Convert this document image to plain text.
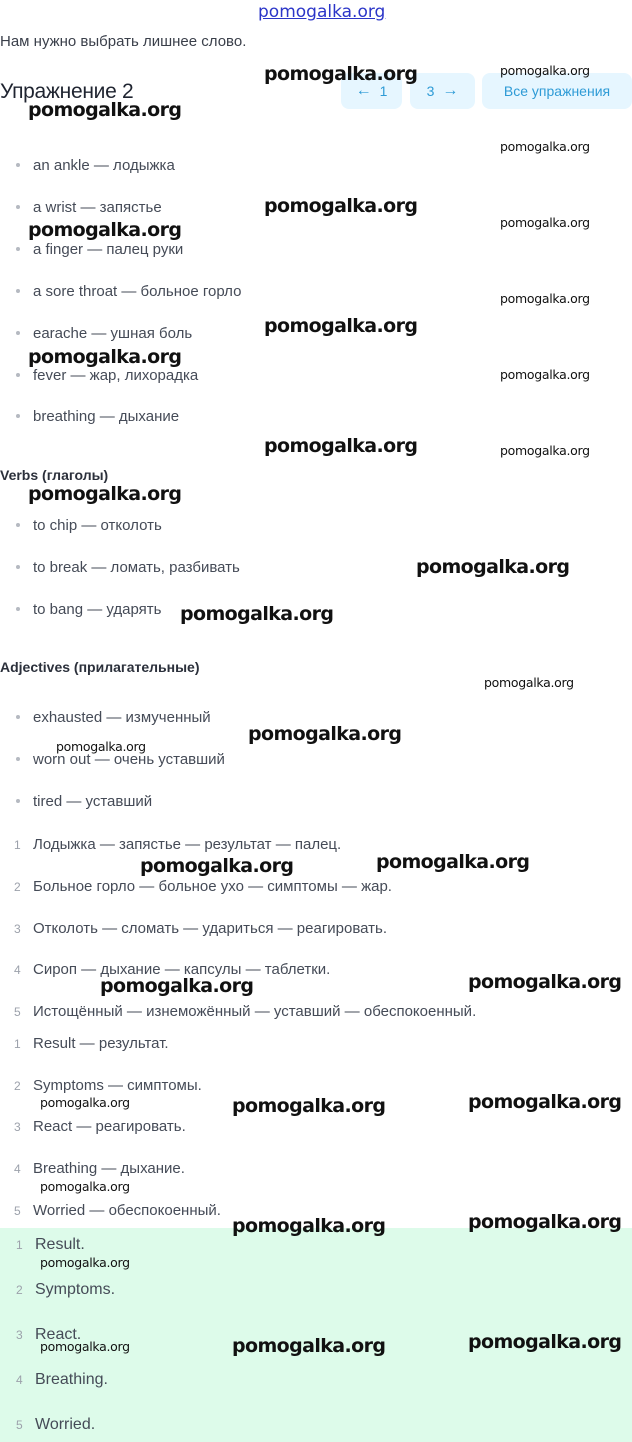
pomogalka.org
Нам нужно выбрать лишнее слово.
Упражнение 2	← 1	3 →	Все упражнения
an ankle — лодыжка
a wrist — запястье
a finger — палец руки
a sore throat — больное горло
earache — ушная боль
fever — жар, лихорадка
breathing — дыхание
Verbs (глаголы)
to chip — отколоть
to break — ломать, разбивать
to bang — ударять
Adjectives (прилагательные)
exhausted — измученный
worn out — очень уставший
tired — уставший
1 Лодыжка — запястье — результат — палец.
2 Больное горло — больное ухо — симптомы — жар.
3 Отколоть — сломать — удариться — реагировать.
4 Сироп — дыхание — капсулы — таблетки.
5 Истощённый — изнеможённый — уставший — обеспокоенный.
1 Result — результат.
2 Symptoms — симптомы.
3 React — реагировать.
4 Breathing — дыхание.
5 Worried — обеспокоенный.
1 Result.
2 Symptoms.
3 React.
4 Breathing.
5 Worried.
pomogalka.org	pomogalka.org
pomogalka.org
pomogalka.org
pomogalka.org
pomogalka.org
pomogalka.org
pomogalka.org
pomogalka.org
pomogalka.org
pomogalka.org
pomogalka.org	pomogalka.org
pomogalka.org
pomogalka.org
pomogalka.org
pomogalka.org
pomogalka.org
pomogalka.org
pomogalka.org
pomogalka.org
pomogalka.org
pomogalka.org
pomogalka.org	pomogalka.org
pomogalka.org
pomogalka.org
pomogalka.org
pomogalka.org
pomogalka.org
pomogalka.org	pomogalka.org
pomogalka.org
